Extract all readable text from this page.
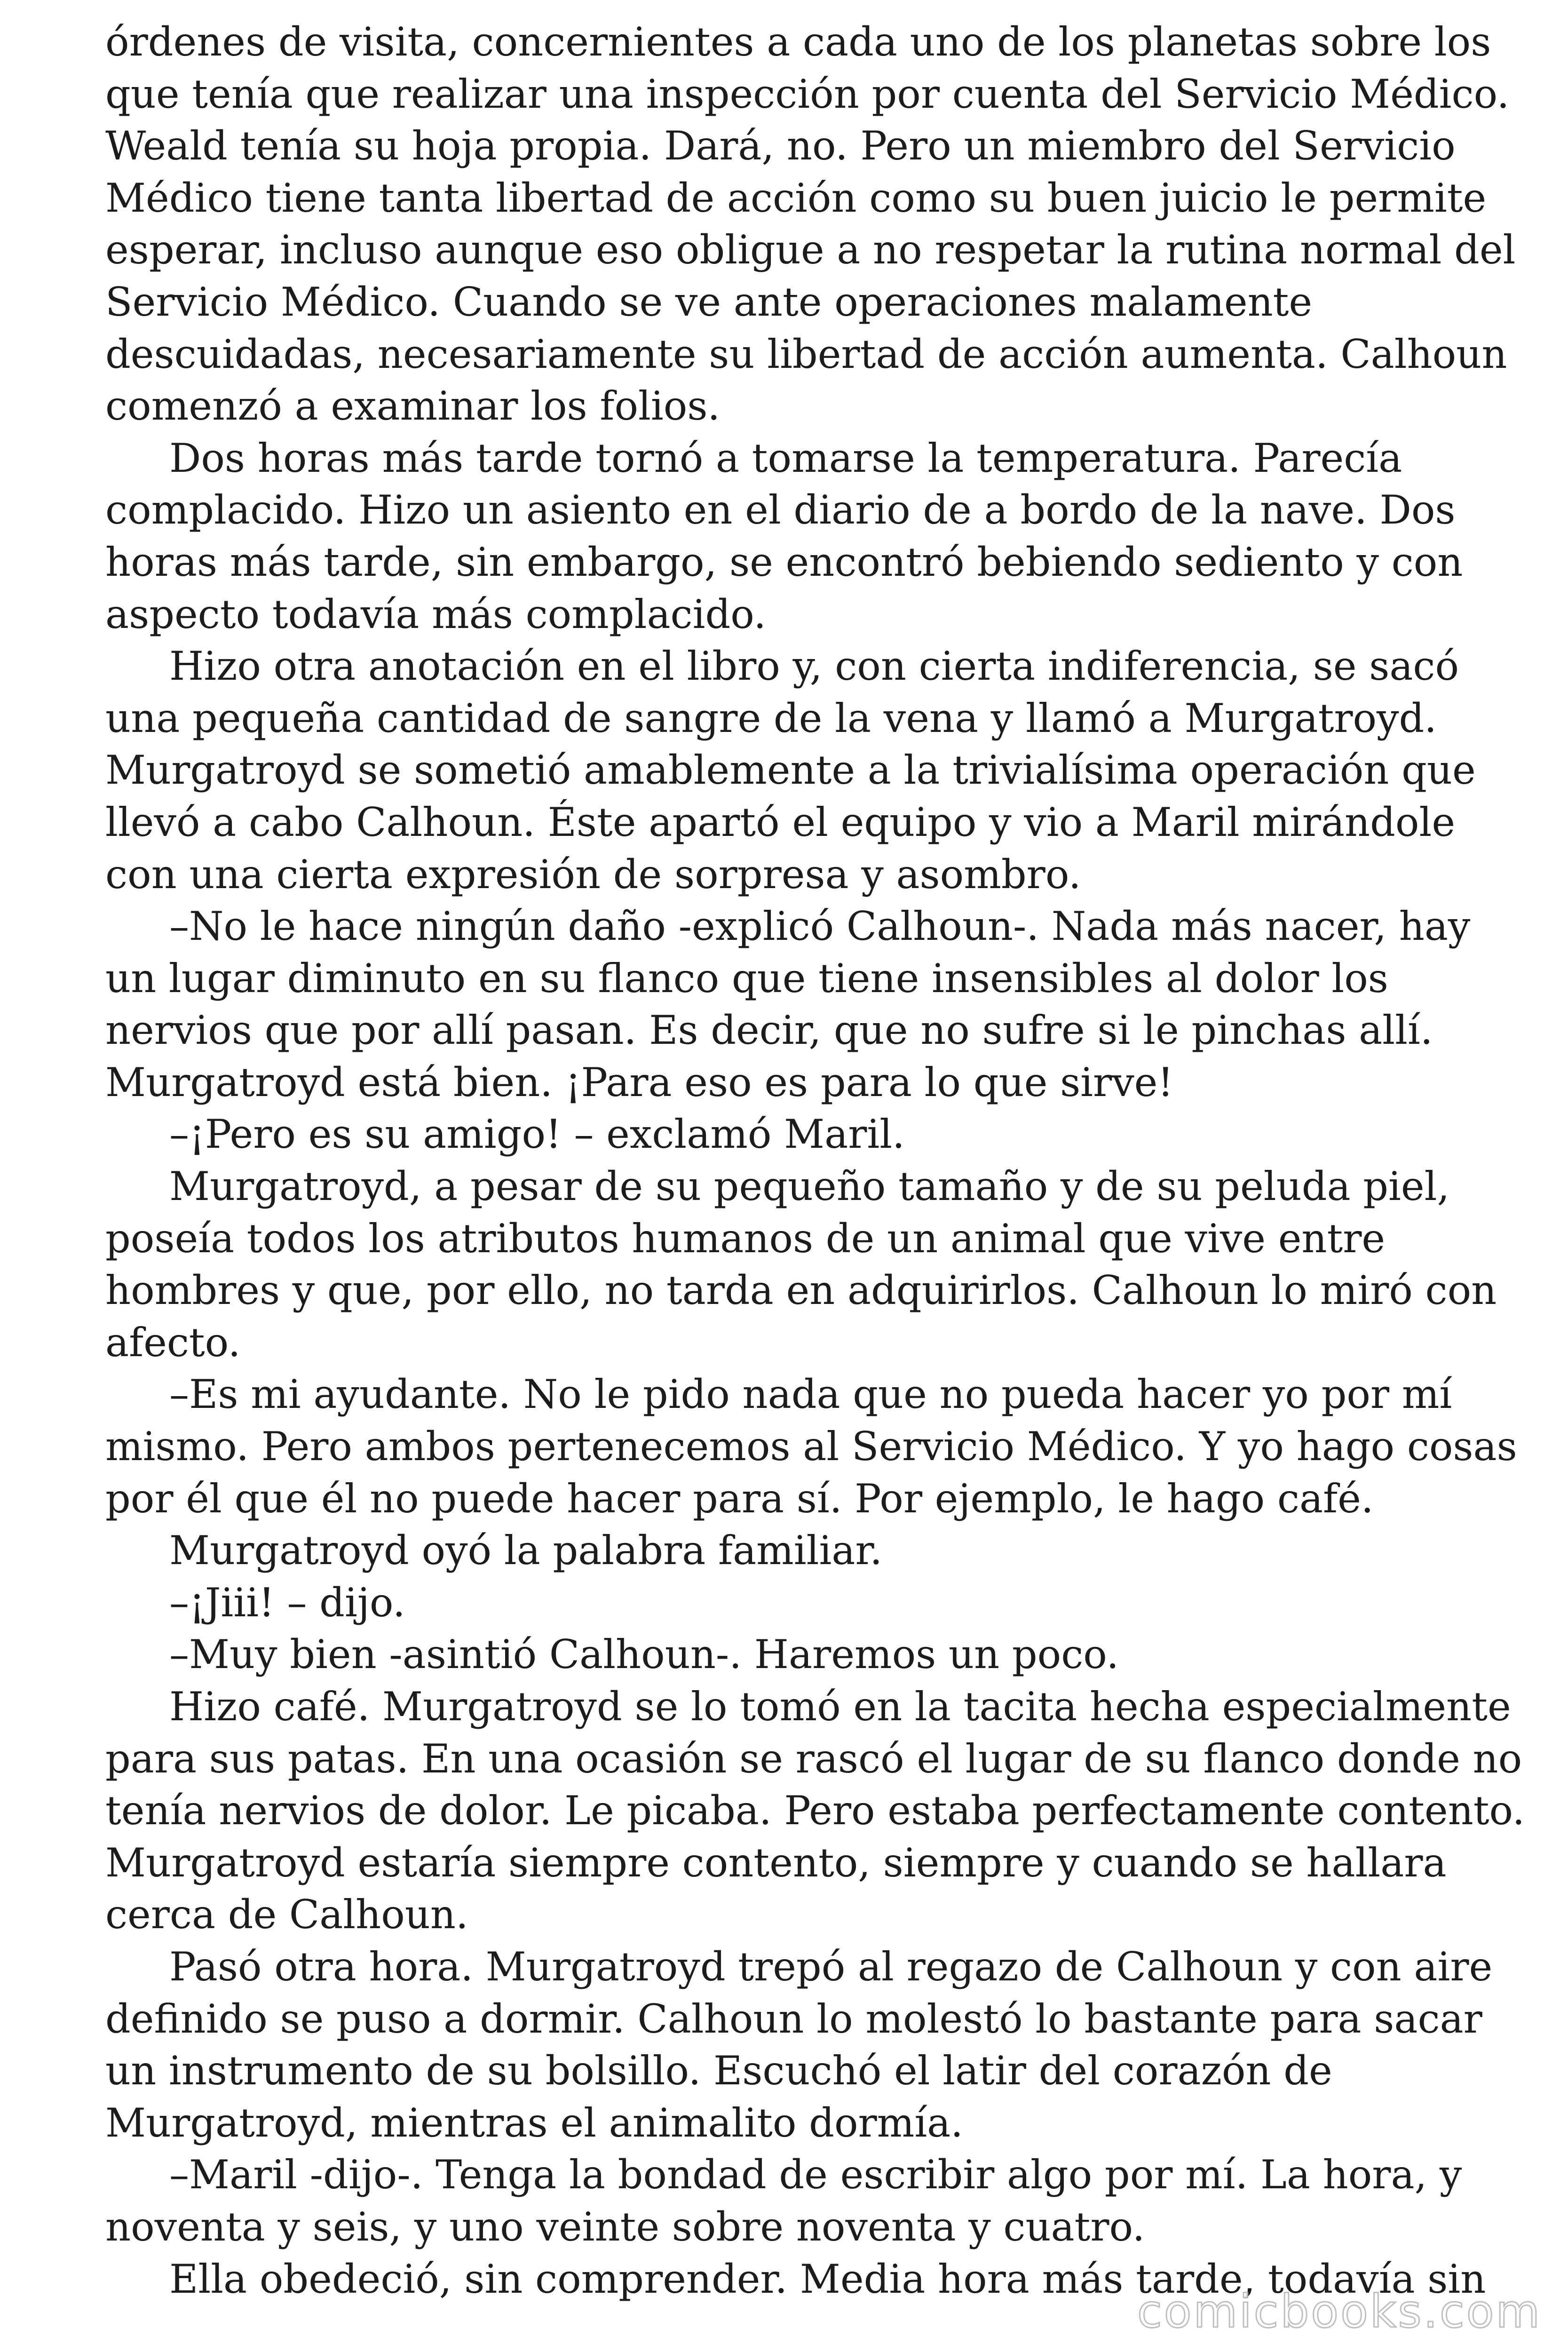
órdenes de visita, concernientes a cada uno de los planetas sobre los
que tenía que realizar una inspección por cuenta del Servicio Médico.
Weald tenía su hoja propia. Dará, no. Pero un miembro del Servicio
Médico tiene tanta libertad de acción como su buen juicio le permite
esperar, incluso aunque eso obligue a no respetar la rutina normal del
Servicio Médico. Cuando se ve ante operaciones malamente
descuidadas, necesariamente su libertad de acción aumenta. Calhoun
comenzó a examinar los folios.
Dos horas más tarde tornó a tomarse la temperatura. Parecía
complacido. Hizo un asiento en el diario de a bordo de la nave. Dos
horas más tarde, sin embargo, se encontró bebiendo sediento y con
aspecto todavía más complacido.
Hizo otra anotación en el libro y, con cierta indiferencia, se sacó
una pequeña cantidad de sangre de la vena y llamó a Murgatroyd.
Murgatroyd se sometió amablemente a la trivialísima operación que
llevó a cabo Calhoun. Éste apartó el equipo y vio a Maril mirándole
con una cierta expresión de sorpresa y asombro.
–No le hace ningún daño -explicó Calhoun-. Nada más nacer, hay
un lugar diminuto en su flanco que tiene insensibles al dolor los
nervios que por allí pasan. Es decir, que no sufre si le pinchas allí.
Murgatroyd está bien. ¡Para eso es para lo que sirve!
–¡Pero es su amigo! – exclamó Maril.
Murgatroyd, a pesar de su pequeño tamaño y de su peluda piel,
poseía todos los atributos humanos de un animal que vive entre
hombres y que, por ello, no tarda en adquirirlos. Calhoun lo miró con
afecto.
–Es mi ayudante. No le pido nada que no pueda hacer yo por mí
mismo. Pero ambos pertenecemos al Servicio Médico. Y yo hago cosas
por él que él no puede hacer para sí. Por ejemplo, le hago café.
Murgatroyd oyó la palabra familiar.
–¡Jiii! – dijo.
–Muy bien -asintió Calhoun-. Haremos un poco.
Hizo café. Murgatroyd se lo tomó en la tacita hecha especialmente
para sus patas. En una ocasión se rascó el lugar de su flanco donde no
tenía nervios de dolor. Le picaba. Pero estaba perfectamente contento.
Murgatroyd estaría siempre contento, siempre y cuando se hallara
cerca de Calhoun.
Pasó otra hora. Murgatroyd trepó al regazo de Calhoun y con aire
definido se puso a dormir. Calhoun lo molestó lo bastante para sacar
un instrumento de su bolsillo. Escuchó el latir del corazón de
Murgatroyd, mientras el animalito dormía.
–Maril -dijo-. Tenga la bondad de escribir algo por mí. La hora, y
noventa y seis, y uno veinte sobre noventa y cuatro.
Ella obedeció, sin comprender. Media hora más tarde, todavía sin
comicbooks.com
